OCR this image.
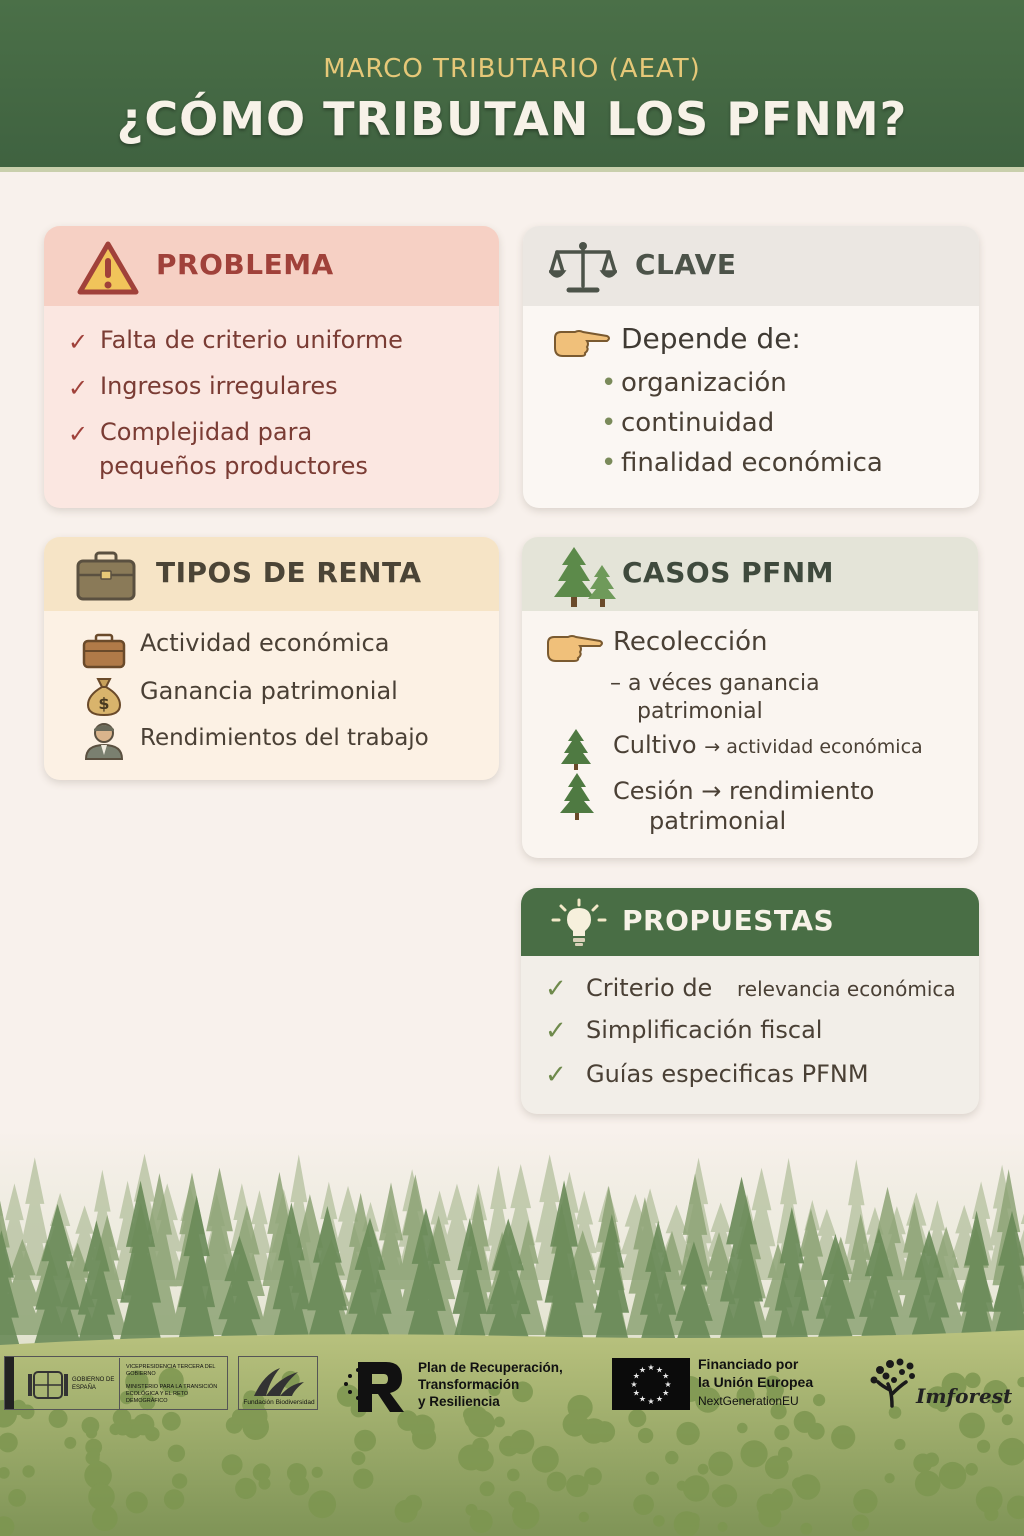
MARCO TRIBUTARIO (AEAT)
¿CÓMO TRIBUTAN LOS PFNM?
PROBLEMA
✓ Falta de criterio uniforme
✓ Ingresos irregulares
✓ Complejidad para
pequeños productores
CLAVE
Depende de:
• organización
• continuidad
• finalidad económica
TIPOS DE RENTA
Actividad económica
$ Ganancia patrimonial
Rendimientos del trabajo
CASOS PFNM
Recolección
– a véces ganancia
patrimonial
Cultivo → actividad económica
Cesión → rendimiento
patrimonial
PROPUESTAS
✓ Criterio de relevancia económica
✓ Simplificación fiscal
✓ Guías especificas PFNM
GOBIERNO DE ESPAÑA
VICEPRESIDENCIA TERCERA DEL GOBIERNO
MINISTERIO PARA LA TRANSICIÓN ECOLÓGICA Y EL RETO DEMOGRÁFICO	Fundación Biodiversidad
Plan de Recuperación,
Transformación
y Resiliencia
★
★
★
★
★
★
★
★
★ ★ ★
★
Financiado por
la Unión Europea
NextGenerationEU	Imforest
